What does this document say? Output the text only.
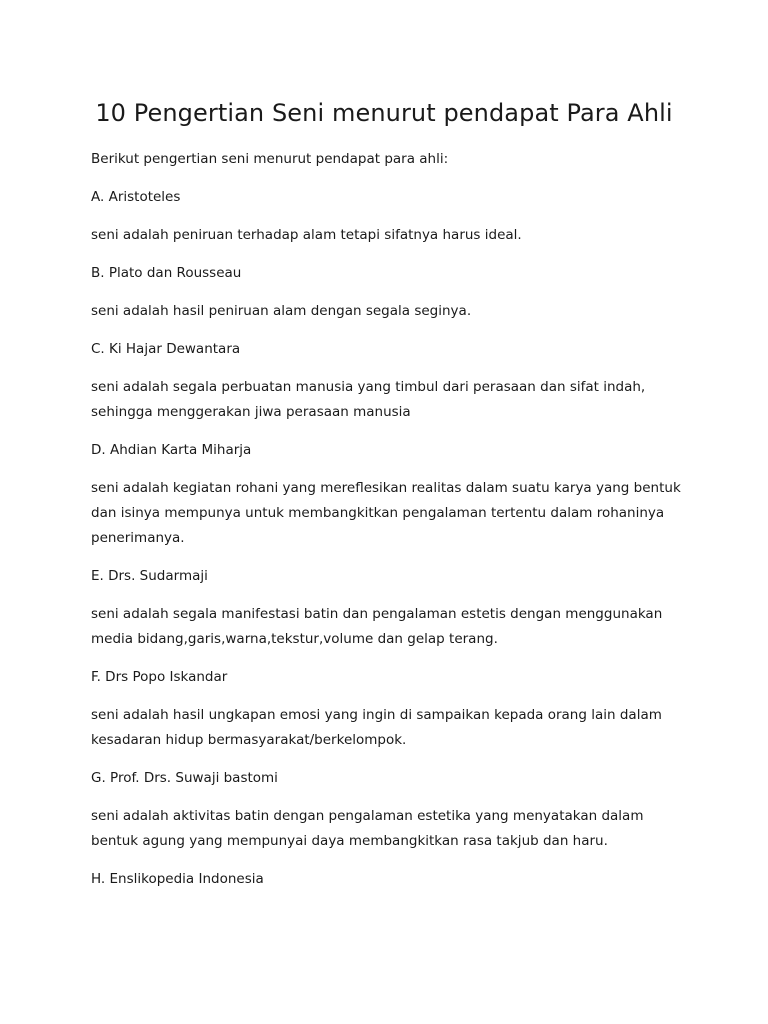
10 Pengertian Seni menurut pendapat Para Ahli

Berikut pengertian seni menurut pendapat para ahli:

A. Aristoteles

seni adalah peniruan terhadap alam tetapi sifatnya harus ideal.

B. Plato dan Rousseau

seni adalah hasil peniruan alam dengan segala seginya.

C. Ki Hajar Dewantara

seni adalah segala perbuatan manusia yang timbul dari perasaan dan sifat indah, sehingga menggerakan jiwa perasaan manusia

D. Ahdian Karta Miharja

seni adalah kegiatan rohani yang mereflesikan realitas dalam suatu karya yang bentuk dan isinya mempunya untuk membangkitkan pengalaman tertentu dalam rohaninya penerimanya.

E. Drs. Sudarmaji

seni adalah segala manifestasi batin dan pengalaman estetis dengan menggunakan media bidang,garis,warna,tekstur,volume dan gelap terang.

F. Drs Popo Iskandar

seni adalah hasil ungkapan emosi yang ingin di sampaikan kepada orang lain dalam kesadaran hidup bermasyarakat/berkelompok.

G. Prof. Drs. Suwaji bastomi

seni adalah aktivitas batin dengan pengalaman estetika yang menyatakan dalam bentuk agung yang mempunyai daya membangkitkan rasa takjub dan haru.

H. Enslikopedia Indonesia
